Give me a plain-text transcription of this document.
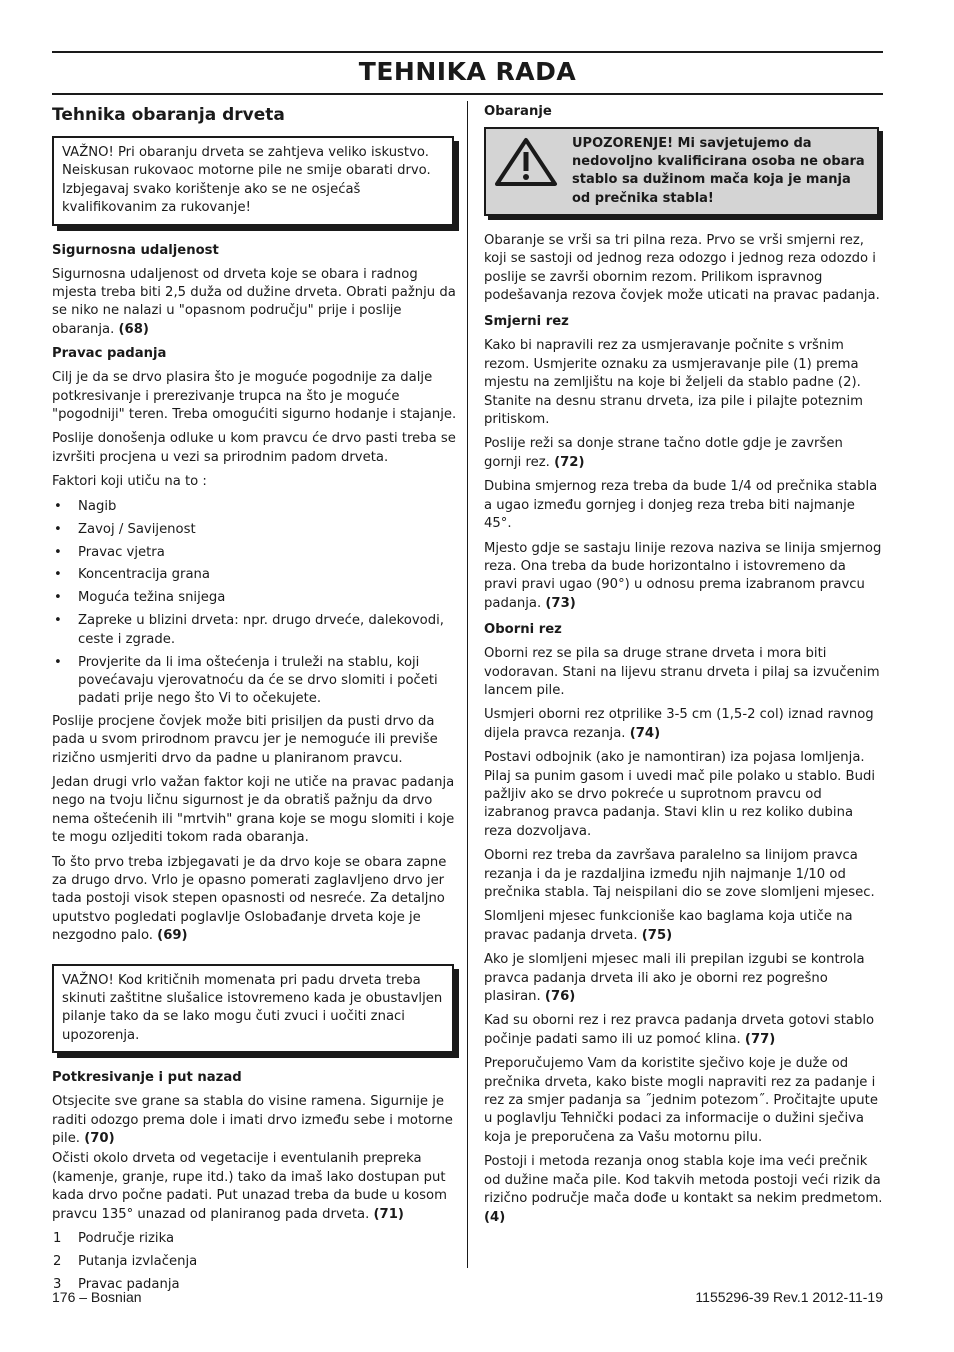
TEHNIKA RADA
Tehnika obaranja drveta

VAŽNO! Pri obaranju drveta se zahtjeva veliko iskustvo. Neiskusan rukovaoc motorne pile ne smije obarati drvo. Izbjegavaj svako korištenje ako se ne osjećaš kvalifikovanim za rukovanje!

Sigurnosna udaljenost

Sigurnosna udaljenost od drveta koje se obara i radnog mjesta treba biti 2,5 duža od dužine drveta. Obrati pažnju da se niko ne nalazi u "opasnom području" prije i poslije obaranja. (68)

Pravac padanja

Cilj je da se drvo plasira što je moguće pogodnije za dalje potkresivanje i prerezivanje trupca na što je moguće "pogodniji" teren. Treba omogućiti sigurno hodanje i stajanje.

Poslije donošenja odluke u kom pravcu će drvo pasti treba se izvršiti procjena u vezi sa prirodnim padom drveta.

Faktori koji utiču na to :

• Nagib
• Zavoj / Savijenost
• Pravac vjetra
• Koncentracija grana
• Moguća težina snijega
• Zapreke u blizini drveta: npr. drugo drveće, dalekovodi, ceste i zgrade.
• Provjerite da li ima oštećenja i truleži na stablu, koji povećavaju vjerovatnoću da će se drvo slomiti i početi padati prije nego što Vi to očekujete.

Poslije procjene čovjek može biti prisiljen da pusti drvo da pada u svom prirodnom pravcu jer je nemoguće ili previše rizično usmjeriti drvo da padne u planiranom pravcu.

Jedan drugi vrlo važan faktor koji ne utiče na pravac padanja nego na tvoju ličnu sigurnost je da obratiš pažnju da drvo nema oštećenih ili "mrtvih" grana koje se mogu slomiti i koje te mogu ozljediti tokom rada obaranja.

To što prvo treba izbjegavati je da drvo koje se obara zapne za drugo drvo. Vrlo je opasno pomerati zaglavljeno drvo jer tada postoji visok stepen opasnosti od nesreće. Za detaljno uputstvo pogledati poglavlje Oslobađanje drveta koje je nezgodno palo. (69)

VAŽNO! Kod kritičnih momenata pri padu drveta treba skinuti zaštitne slušalice istovremeno kada je obustavljen pilanje tako da se lako mogu čuti zvuci i uočiti znaci upozorenja.

Potkresivanje i put nazad

Otsjecite sve grane sa stabla do visine ramena. Sigurnije je raditi odozgo prema dole i imati drvo između sebe i motorne pile. (70)

Očisti okolo drveta od vegetacije i eventulanih prepreka (kamenje, granje, rupe itd.) tako da imaš lako dostupan put kada drvo počne padati. Put unazad treba da bude u kosom pravcu 135° unazad od planiranog pada drveta. (71)

1 Područje rizika
2 Putanja izvlačenja
3 Pravac padanja
Obaranje
UPOZORENJE! Mi savjetujemo da nedovoljno kvalificirana osoba ne obara stablo sa dužinom mača koja je manja od prečnika stabla!

Obaranje se vrši sa tri pilna reza. Prvo se vrši smjerni rez, koji se sastoji od jednog reza odozgo i jednog reza odozdo i poslije se završi obornim rezom. Prilikom ispravnog podešavanja rezova čovjek može uticati na pravac padanja.

Smjerni rez

Kako bi napravili rez za usmjeravanje počnite s vršnim rezom. Usmjerite oznaku za usmjeravanje pile (1) prema mjestu na zemljištu na koje bi željeli da stablo padne (2). Stanite na desnu stranu drveta, iza pile i pilajte poteznim pritiskom.

Poslije reži sa donje strane tačno dotle gdje je završen gornji rez. (72)

Dubina smjernog reza treba da bude 1/4 od prečnika stabla a ugao između gornjeg i donjeg reza treba biti najmanje 45°.

Mjesto gdje se sastaju linije rezova naziva se linija smjernog reza. Ona treba da bude horizontalno i istovremeno da pravi pravi ugao (90°) u odnosu prema izabranom pravcu padanja. (73)

Oborni rez

Oborni rez se pila sa druge strane drveta i mora biti vodoravan. Stani na lijevu stranu drveta i pilaj sa izvučenim lancem pile.

Usmjeri oborni rez otprilike 3-5 cm (1,5-2 col) iznad ravnog dijela pravca rezanja. (74)

Postavi odbojnik (ako je namontiran) iza pojasa lomljenja. Pilaj sa punim gasom i uvedi mač pile polako u stablo. Budi pažljiv ako se drvo pokreće u suprotnom pravcu od izabranog pravca padanja. Stavi klin u rez koliko dubina reza dozvoljava.

Oborni rez treba da završava paralelno sa linijom pravca rezanja i da je razdaljina između njih najmanje 1/10 od prečnika stabla. Taj neispilani dio se zove slomljeni mjesec.

Slomljeni mjesec funkcioniše kao baglama koja utiče na pravac padanja drveta. (75)

Ako je slomljeni mjesec mali ili prepilan izgubi se kontrola pravca padanja drveta ili ako je oborni rez pogrešno plasiran. (76)

Kad su oborni rez i rez pravca padanja drveta gotovi stablo počinje padati samo ili uz pomoć klina. (77)

Preporučujemo Vam da koristite sječivo koje je duže od prečnika drveta, kako biste mogli napraviti rez za padanje i rez za smjer padanja sa ˝jednim potezom˝. Pročitajte upute u poglavlju Tehnički podaci za informacije o dužini sječiva koja je preporučena za Vašu motornu pilu.

Postoji i metoda rezanja onog stabla koje ima veći prečnik od dužine mača pile. Kod takvih metoda postoji veći rizik da rizično područje mača dođe u kontakt sa nekim predmetom. (4)

176 – Bosnian	1155296-39 Rev.1 2012-11-19
